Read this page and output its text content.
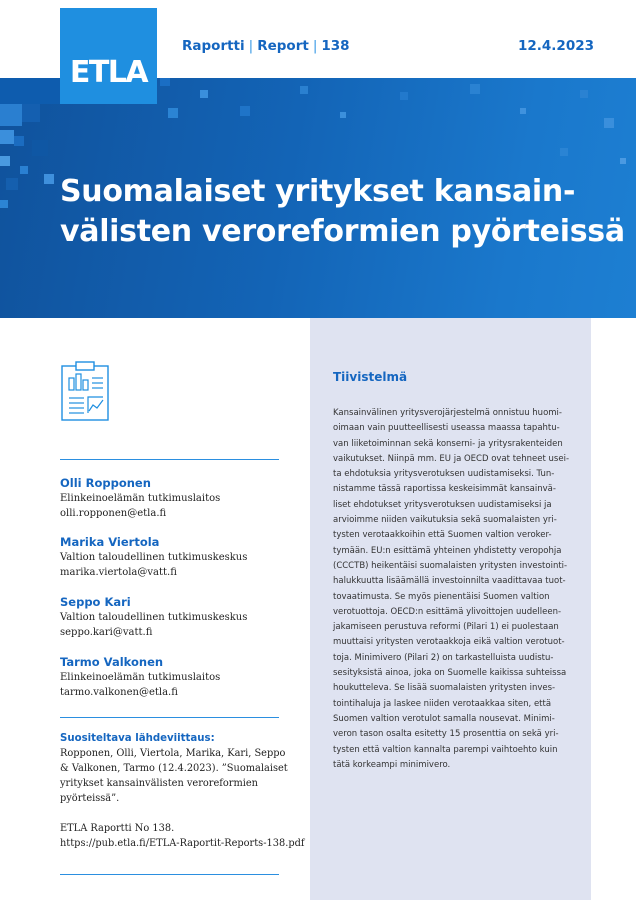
ETLA
Raportti | Report | 138	12.4.2023
Suomalaiset yritykset kansain-
välisten veroreformien pyörteissä
Olli Ropponen
Elinkeinoelämän tutkimuslaitos
olli.ropponen@etla.fi
Marika Viertola
Valtion taloudellinen tutkimuskeskus
marika.viertola@vatt.fi
Seppo Kari
Valtion taloudellinen tutkimuskeskus
seppo.kari@vatt.fi
Tarmo Valkonen
Elinkeinoelämän tutkimuslaitos
tarmo.valkonen@etla.fi
Suositeltava lähdeviittaus:
Ropponen, Olli, Viertola, Marika, Kari, Seppo
& Valkonen, Tarmo (12.4.2023). ”Suomalaiset
yritykset kansainvälisten veroreformien
pyörteissä”.
ETLA Raportti No 138.
https://pub.etla.fi/ETLA-Raportit-Reports-138.pdf
Tiivistelmä
Kansainvälinen yritysverojärjestelmä onnistuu huomi-
oimaan vain puutteellisesti useassa maassa tapahtu-
van liiketoiminnan sekä konserni- ja yritysrakenteiden
vaikutukset. Niinpä mm. EU ja OECD ovat tehneet usei-
ta ehdotuksia yritysverotuksen uudistamiseksi. Tun-
nistamme tässä raportissa keskeisimmät kansainvä-
liset ehdotukset yritysverotuksen uudistamiseksi ja
arvioimme niiden vaikutuksia sekä suomalaisten yri-
tysten verotaakkoihin että Suomen valtion veroker-
tymään. EU:n esittämä yhteinen yhdistetty veropohja
(CCCTB) heikentäisi suomalaisten yritysten investointi-
halukkuutta lisäämällä investoinnilta vaadittavaa tuot-
tovaatimusta. Se myös pienentäisi Suomen valtion
verotuottoja. OECD:n esittämä ylivoittojen uudelleen-
jakamiseen perustuva reformi (Pilari 1) ei puolestaan
muuttaisi yritysten verotaakkoja eikä valtion verotuot-
toja. Minimivero (Pilari 2) on tarkastelluista uudistu-
sesityksistä ainoa, joka on Suomelle kaikissa suhteissa
houkutteleva. Se lisää suomalaisten yritysten inves-
tointihaluja ja laskee niiden verotaakkaa siten, että
Suomen valtion verotulot samalla nousevat. Minimi-
veron tason osalta esitetty 15 prosenttia on sekä yri-
tysten että valtion kannalta parempi vaihtoehto kuin
tätä korkeampi minimivero.
